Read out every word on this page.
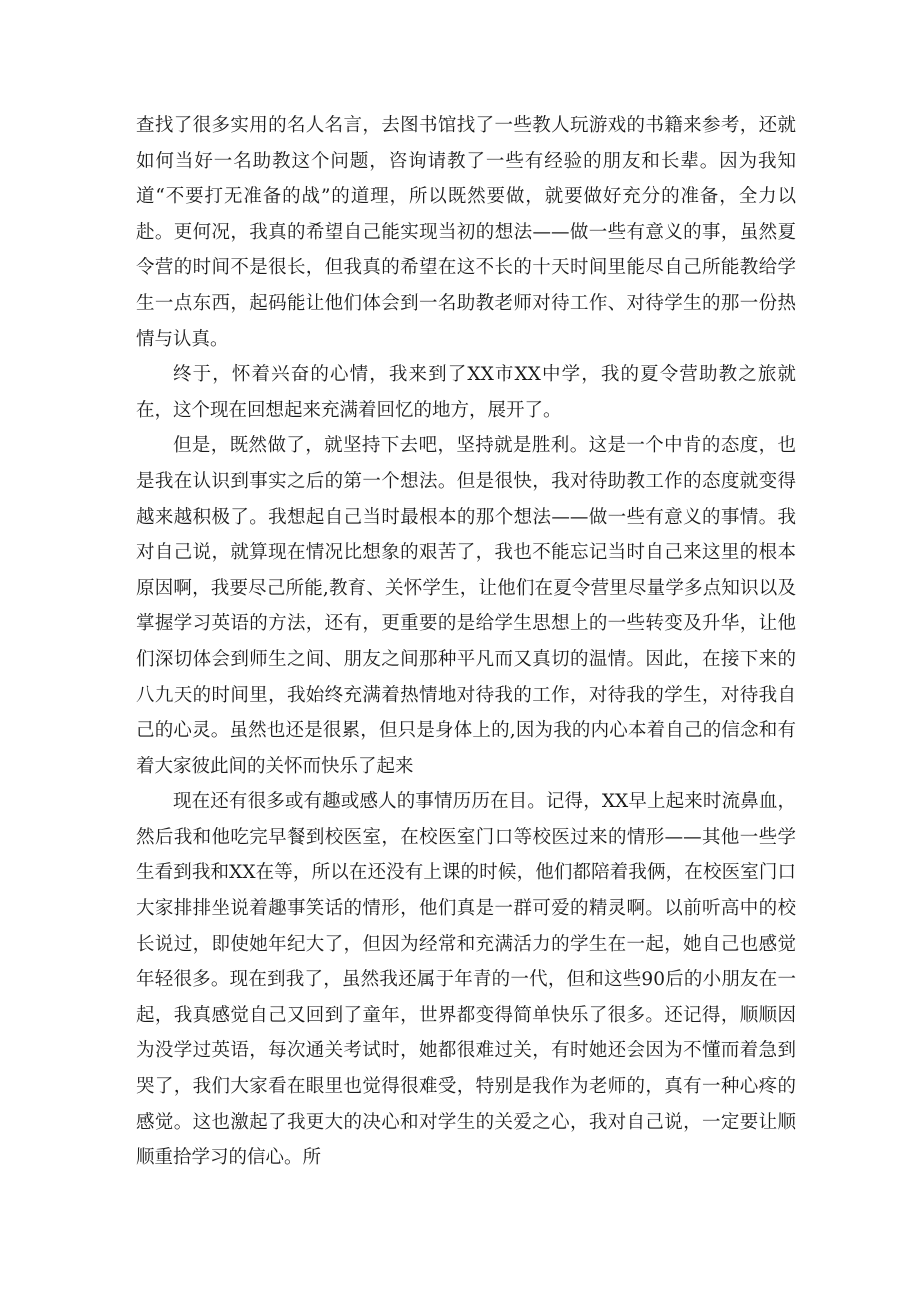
查找了很多实用的名人名言，去图书馆找了一些教人玩游戏的书籍来参考，还就如何当好一名助教这个问题，咨询请教了一些有经验的朋友和长辈。因为我知道“不要打无准备的战”的道理，所以既然要做，就要做好充分的准备，全力以赴。更何况，我真的希望自己能实现当初的想法——做一些有意义的事，虽然夏令营的时间不是很长，但我真的希望在这不长的十天时间里能尽自己所能教给学生一点东西，起码能让他们体会到一名助教老师对待工作、对待学生的那一份热情与认真。

终于，怀着兴奋的心情，我来到了XX市XX中学，我的夏令营助教之旅就在，这个现在回想起来充满着回忆的地方，展开了。

但是，既然做了，就坚持下去吧，坚持就是胜利。这是一个中肯的态度，也是我在认识到事实之后的第一个想法。但是很快，我对待助教工作的态度就变得越来越积极了。我想起自己当时最根本的那个想法——做一些有意义的事情。我对自己说，就算现在情况比想象的艰苦了，我也不能忘记当时自己来这里的根本原因啊，我要尽己所能,教育、关怀学生，让他们在夏令营里尽量学多点知识以及掌握学习英语的方法，还有，更重要的是给学生思想上的一些转变及升华，让他们深切体会到师生之间、朋友之间那种平凡而又真切的温情。因此，在接下来的八九天的时间里，我始终充满着热情地对待我的工作，对待我的学生，对待我自己的心灵。虽然也还是很累，但只是身体上的,因为我的内心本着自己的信念和有着大家彼此间的关怀而快乐了起来

现在还有很多或有趣或感人的事情历历在目。记得，XX早上起来时流鼻血，然后我和他吃完早餐到校医室，在校医室门口等校医过来的情形——其他一些学生看到我和XX在等，所以在还没有上课的时候，他们都陪着我俩，在校医室门口大家排排坐说着趣事笑话的情形，他们真是一群可爱的精灵啊。以前听高中的校长说过，即使她年纪大了，但因为经常和充满活力的学生在一起，她自己也感觉年轻很多。现在到我了，虽然我还属于年青的一代，但和这些90后的小朋友在一起，我真感觉自己又回到了童年，世界都变得简单快乐了很多。还记得，顺顺因为没学过英语，每次通关考试时，她都很难过关，有时她还会因为不懂而着急到哭了，我们大家看在眼里也觉得很难受，特别是我作为老师的，真有一种心疼的感觉。这也激起了我更大的决心和对学生的关爱之心，我对自己说，一定要让顺顺重拾学习的信心。所
